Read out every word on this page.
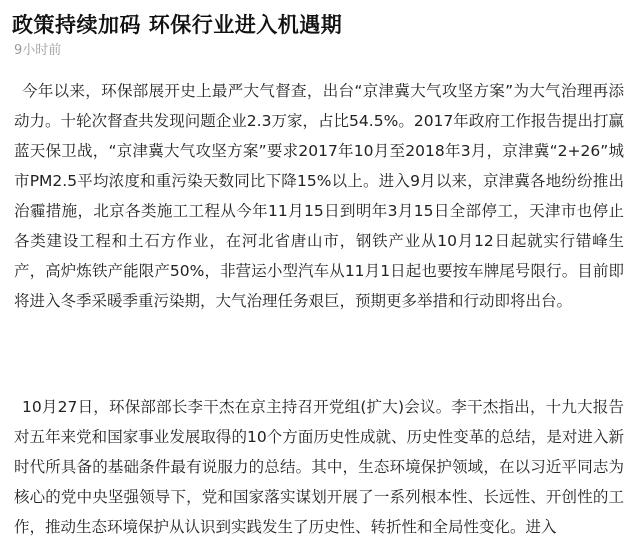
政策持续加码 环保行业进入机遇期
9小时前

今年以来，环保部展开史上最严大气督查，出台“京津冀大气攻坚方案”为大气治理再添动力。十轮次督查共发现问题企业2.3万家，占比54.5%。2017年政府工作报告提出打赢蓝天保卫战，“京津冀大气攻坚方案”要求2017年10月至2018年3月，京津冀“2+26”城市PM2.5平均浓度和重污染天数同比下降15%以上。进入9月以来，京津冀各地纷纷推出治霾措施，北京各类施工工程从今年11月15日到明年3月15日全部停工，天津市也停止各类建设工程和土石方作业，在河北省唐山市，钢铁产业从10月12日起就实行错峰生产，高炉炼铁产能限产50%，非营运小型汽车从11月1日起也要按车牌尾号限行。目前即将进入冬季采暖季重污染期，大气治理任务艰巨，预期更多举措和行动即将出台。

10月27日，环保部部长李干杰在京主持召开党组(扩大)会议。李干杰指出，十九大报告对五年来党和国家事业发展取得的10个方面历史性成就、历史性变革的总结，是对进入新时代所具备的基础条件最有说服力的总结。其中，生态环境保护领域，在以习近平同志为核心的党中央坚强领导下，党和国家落实谋划开展了一系列根本性、长远性、开创性的工作，推动生态环境保护从认识到实践发生了历史性、转折性和全局性变化。进入
